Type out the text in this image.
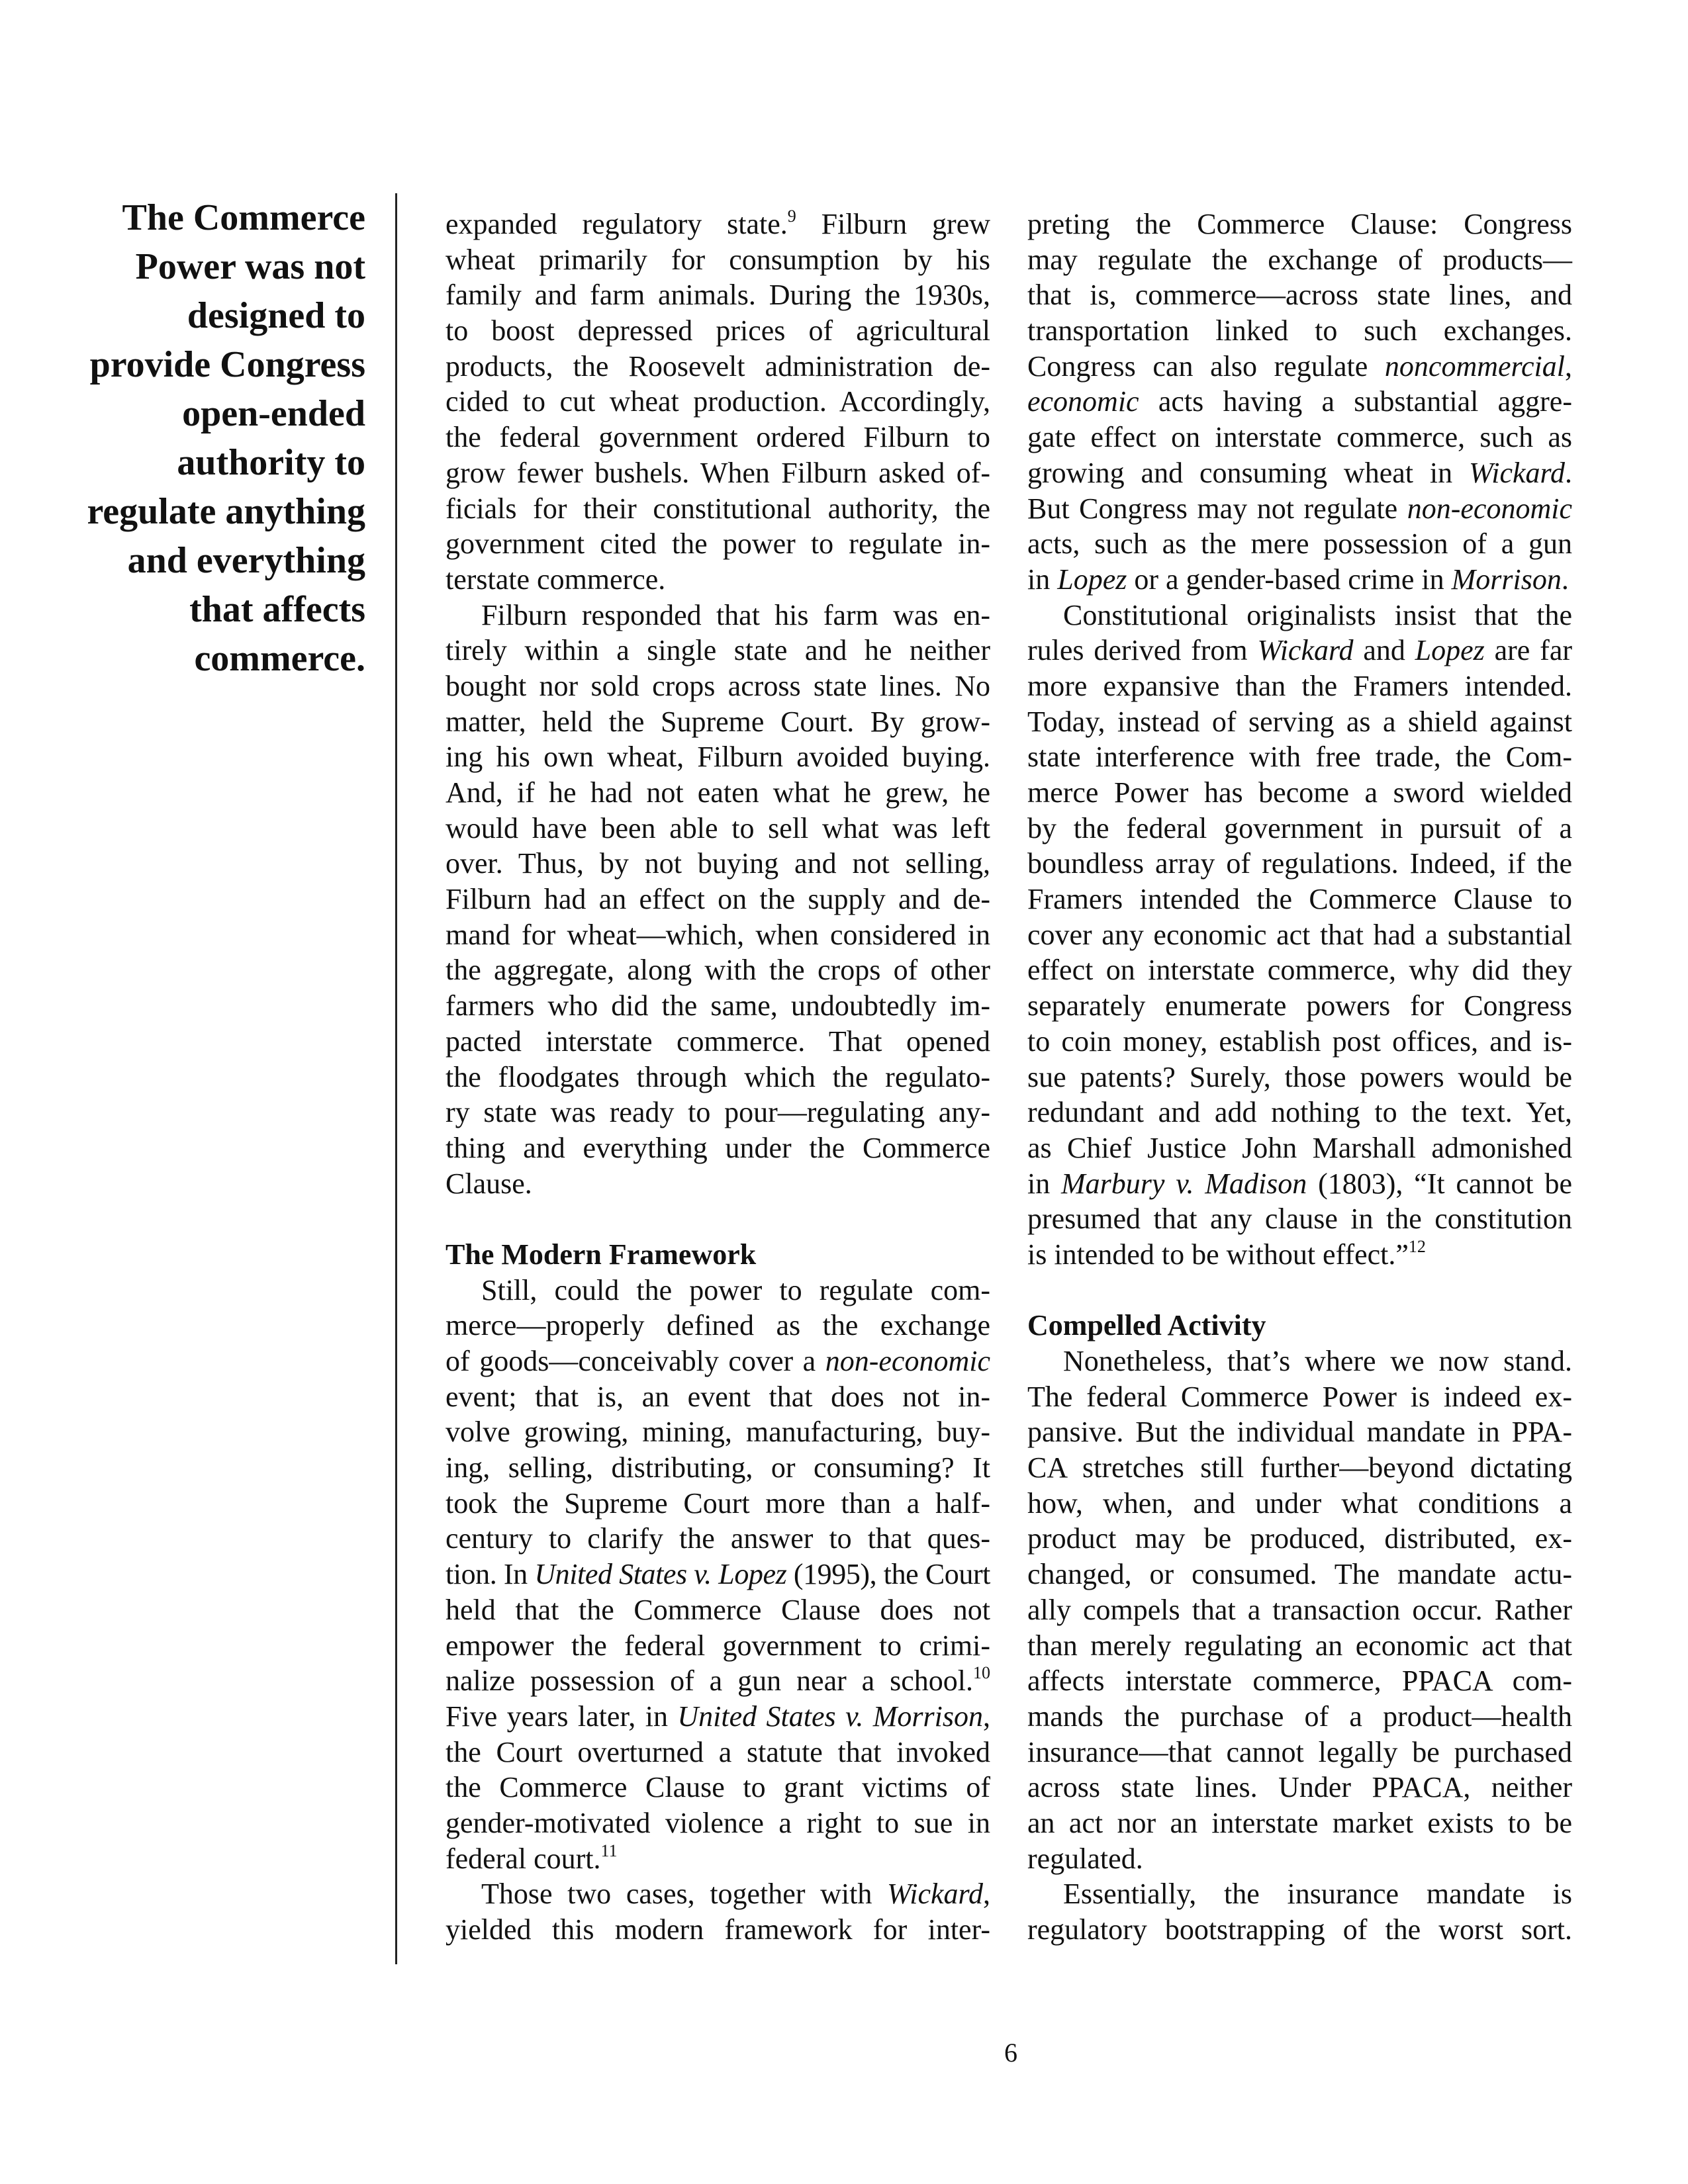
The Commerce
Power was not
designed to
provide Congress
open-ended
authority to
regulate anything
and everything
that affects
commerce.
expanded regulatory state.$^9$ Filburn grew
wheat primarily for consumption by his
family and farm animals. During the 1930s,
to boost depressed prices of agricultural
products, the Roosevelt administration de-
cided to cut wheat production. Accordingly,
the federal government ordered Filburn to
grow fewer bushels. When Filburn asked of-
ficials for their constitutional authority, the
government cited the power to regulate in-
terstate commerce.
Filburn responded that his farm was en-
tirely within a single state and he neither
bought nor sold crops across state lines. No
matter, held the Supreme Court. By grow-
ing his own wheat, Filburn avoided buying.
And, if he had not eaten what he grew, he
would have been able to sell what was left
over. Thus, by not buying and not selling,
Filburn had an effect on the supply and de-
mand for wheat—which, when considered in
the aggregate, along with the crops of other
farmers who did the same, undoubtedly im-
pacted interstate commerce. That opened
the floodgates through which the regulato-
ry state was ready to pour—regulating any-
thing and everything under the Commerce
Clause.
The Modern Framework
Still, could the power to regulate com-
merce—properly defined as the exchange
of goods—conceivably cover a non-economic
event; that is, an event that does not in-
volve growing, mining, manufacturing, buy-
ing, selling, distributing, or consuming? It
took the Supreme Court more than a half-
century to clarify the answer to that ques-
tion. In United States v. Lopez (1995), the Court
held that the Commerce Clause does not
empower the federal government to crimi-
nalize possession of a gun near a school.$^{10}$
Five years later, in United States v. Morrison,
the Court overturned a statute that invoked
the Commerce Clause to grant victims of
gender-motivated violence a right to sue in
federal court.$^{11}$
Those two cases, together with Wickard,
yielded this modern framework for inter-
preting the Commerce Clause: Congress
may regulate the exchange of products—
that is, commerce—across state lines, and
transportation linked to such exchanges.
Congress can also regulate noncommercial,
economic acts having a substantial aggre-
gate effect on interstate commerce, such as
growing and consuming wheat in Wickard.
But Congress may not regulate non-economic
acts, such as the mere possession of a gun
in Lopez or a gender-based crime in Morrison.
Constitutional originalists insist that the
rules derived from Wickard and Lopez are far
more expansive than the Framers intended.
Today, instead of serving as a shield against
state interference with free trade, the Com-
merce Power has become a sword wielded
by the federal government in pursuit of a
boundless array of regulations. Indeed, if the
Framers intended the Commerce Clause to
cover any economic act that had a substantial
effect on interstate commerce, why did they
separately enumerate powers for Congress
to coin money, establish post offices, and is-
sue patents? Surely, those powers would be
redundant and add nothing to the text. Yet,
as Chief Justice John Marshall admonished
in Marbury v. Madison (1803), “It cannot be
presumed that any clause in the constitution
is intended to be without effect.”$^{12}$
Compelled Activity
Nonetheless, that’s where we now stand.
The federal Commerce Power is indeed ex-
pansive. But the individual mandate in PPA-
CA stretches still further—beyond dictating
how, when, and under what conditions a
product may be produced, distributed, ex-
changed, or consumed. The mandate actu-
ally compels that a transaction occur. Rather
than merely regulating an economic act that
affects interstate commerce, PPACA com-
mands the purchase of a product—health
insurance—that cannot legally be purchased
across state lines. Under PPACA, neither
an act nor an interstate market exists to be
regulated.
Essentially, the insurance mandate is
regulatory bootstrapping of the worst sort.
6
